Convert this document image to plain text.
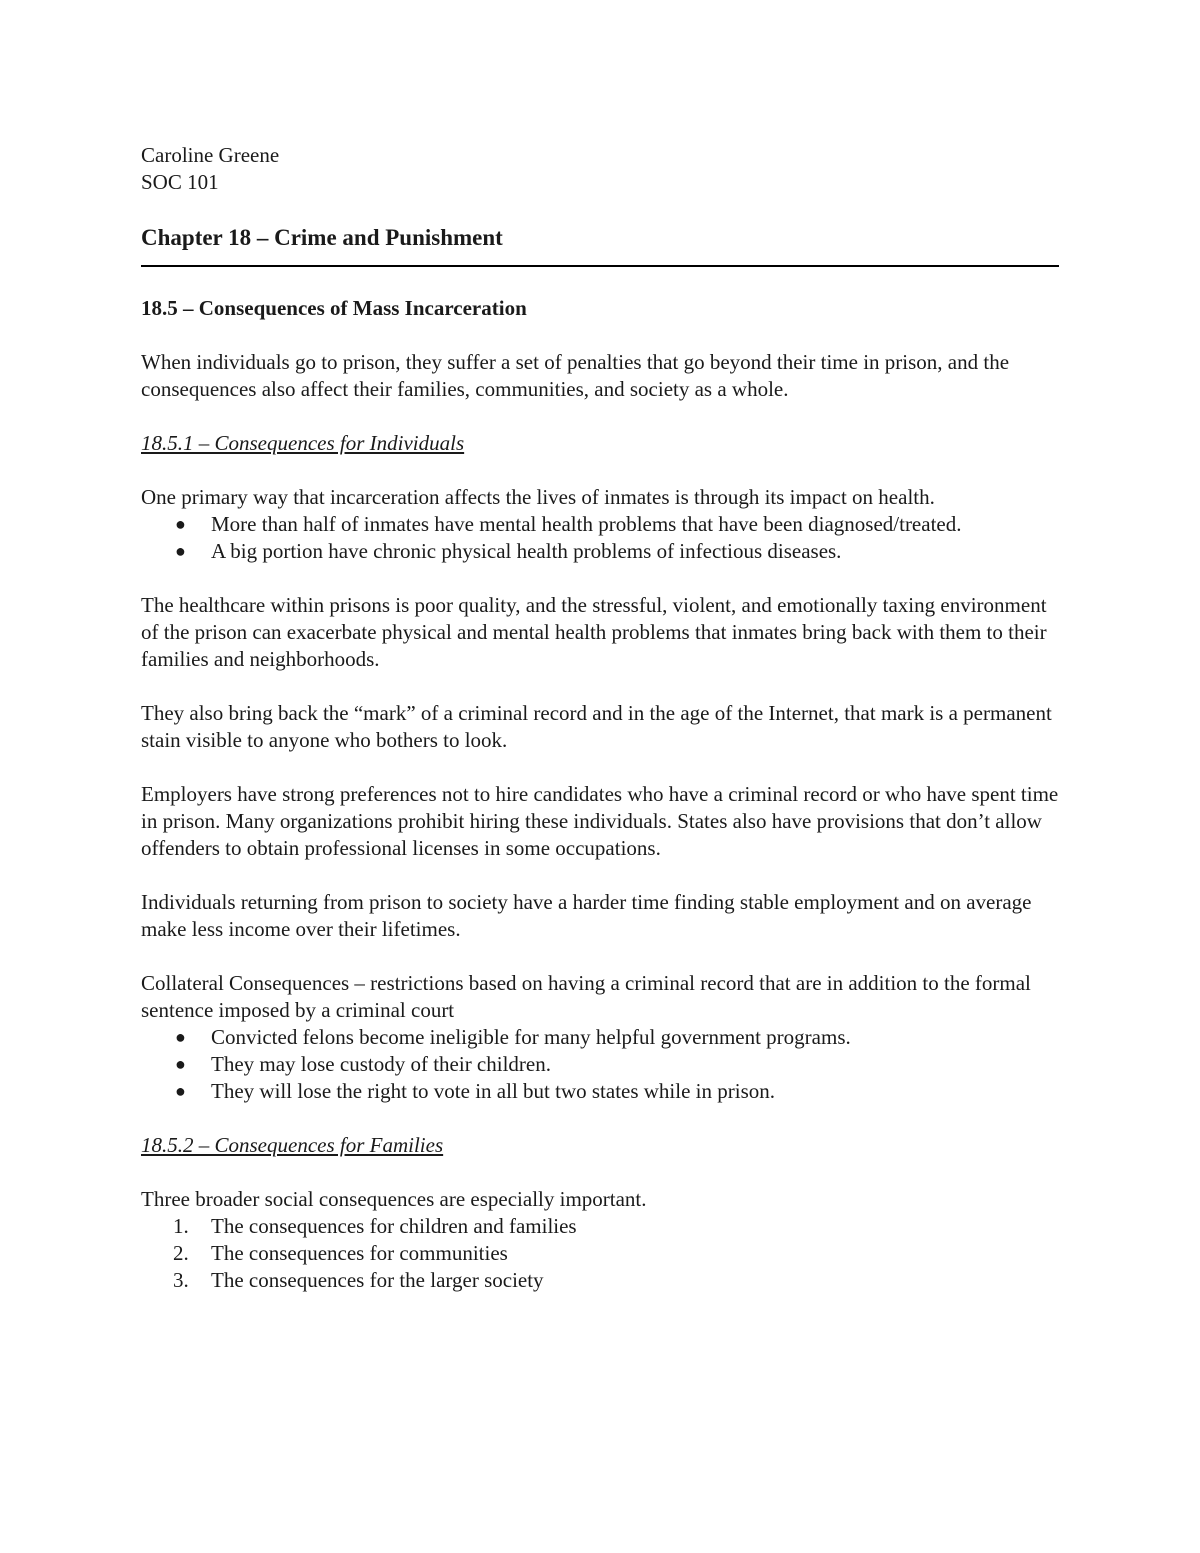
Caroline Greene
SOC 101
Chapter 18 – Crime and Punishment
18.5 – Consequences of Mass Incarceration

When individuals go to prison, they suffer a set of penalties that go beyond their time in prison, and the consequences also affect their families, communities, and society as a whole.

18.5.1 – Consequences for Individuals

One primary way that incarceration affects the lives of inmates is through its impact on health.

● More than half of inmates have mental health problems that have been diagnosed/treated.
● A big portion have chronic physical health problems of infectious diseases.

The healthcare within prisons is poor quality, and the stressful, violent, and emotionally taxing environment of the prison can exacerbate physical and mental health problems that inmates bring back with them to their families and neighborhoods.

They also bring back the “mark” of a criminal record and in the age of the Internet, that mark is a permanent stain visible to anyone who bothers to look.

Employers have strong preferences not to hire candidates who have a criminal record or who have spent time in prison. Many organizations prohibit hiring these individuals. States also have provisions that don’t allow offenders to obtain professional licenses in some occupations.

Individuals returning from prison to society have a harder time finding stable employment and on average make less income over their lifetimes.

Collateral Consequences – restrictions based on having a criminal record that are in addition to the formal sentence imposed by a criminal court

● Convicted felons become ineligible for many helpful government programs.
● They may lose custody of their children.
● They will lose the right to vote in all but two states while in prison.
18.5.2 – Consequences for Families

Three broader social consequences are especially important.

1. The consequences for children and families
2. The consequences for communities
3. The consequences for the larger society
